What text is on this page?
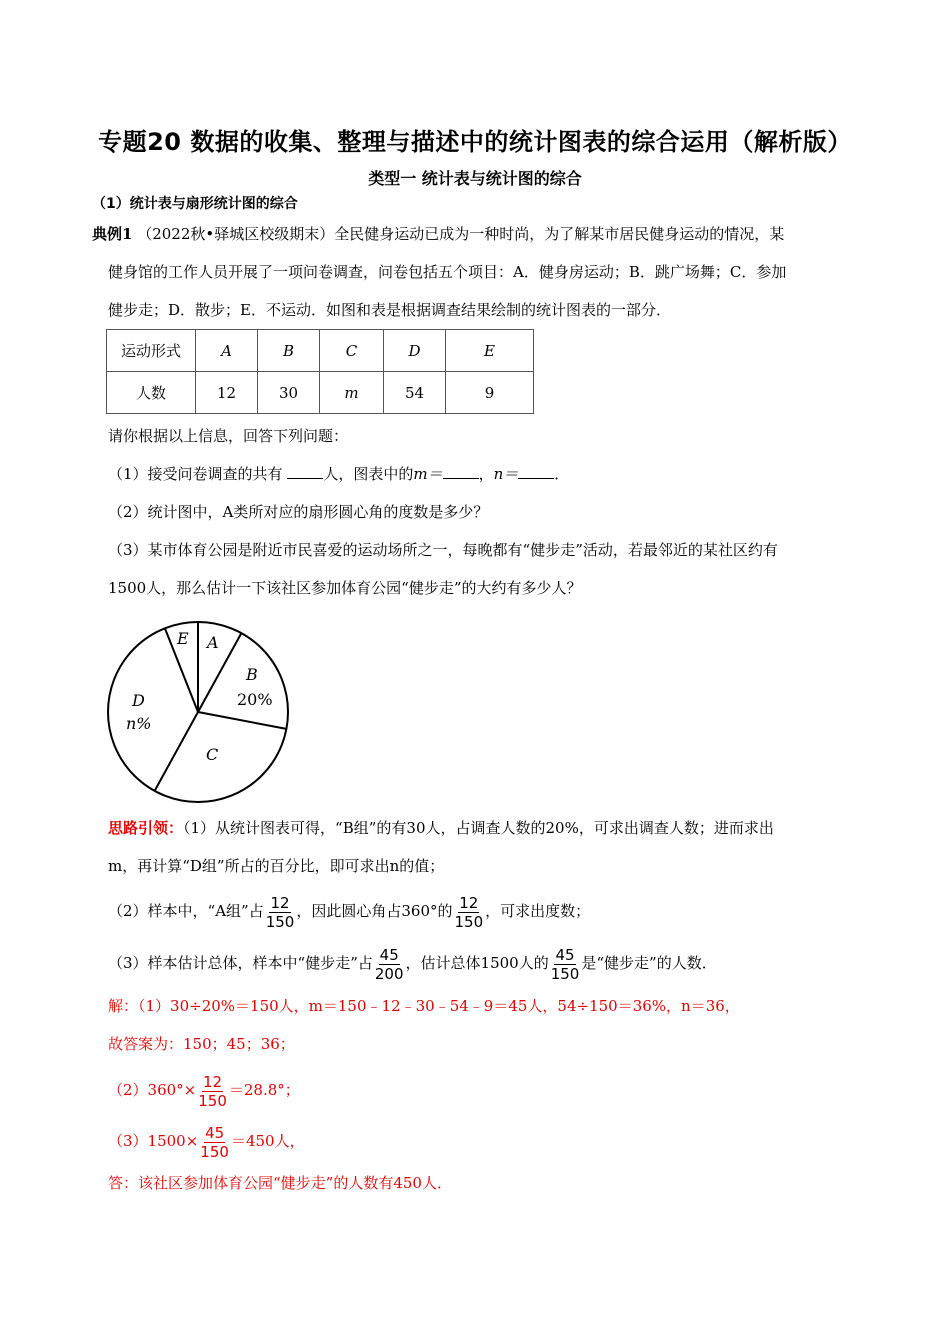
专题20 数据的收集、整理与描述中的统计图表的综合运用（解析版）
类型一 统计表与统计图的综合
（1）统计表与扇形统计图的综合
典例1 （2022秋•驿城区校级期末）全民健身运动已成为一种时尚，为了解某市居民健身运动的情况，某
健身馆的工作人员开展了一项问卷调查，问卷包括五个项目：A．健身房运动；B．跳广场舞；C．参加
健步走；D．散步；E．不运动．如图和表是根据调查结果绘制的统计图表的一部分．
运动形式	A	B	C	D	E
人数	12	30	m	54	9
请你根据以上信息，回答下列问题：
（1）接受问卷调查的共有	人，图表中的m＝ ，n＝ ．
（2）统计图中，A类所对应的扇形圆心角的度数是多少？
（3）某市体育公园是附近市民喜爱的运动场所之一，每晚都有“健步走”活动，若最邻近的某社区约有
1500人，那么估计一下该社区参加体育公园“健步走”的大约有多少人？
A
B
20%
C
D
n%
E
思路引领：（1）从统计图表可得，“B组”的有30人，占调查人数的20%，可求出调查人数；进而求出
m，再计算“D组”所占的百分比，即可求出n的值；
（2）样本中，“A组”占 $\frac{12}{150}$ ，因此圆心角占360°的 $\frac{12}{150}$ ，可求出度数；
（3）样本估计总体，样本中“健步走”占 $\frac{45}{200}$ ，估计总体1500人的 $\frac{45}{150}$ 是“健步走”的人数．
解：（1）30÷20%＝150人，m＝150﹣12﹣30﹣54﹣9＝45人，54÷150＝36%，n＝36，
故答案为：150；45；36；
$(2)360^\circ\times \frac{12}{150} =28.8^\circ$；
$(3)1500\times \frac{45}{150} =450$人，
答：该社区参加体育公园“健步走”的人数有450人．
